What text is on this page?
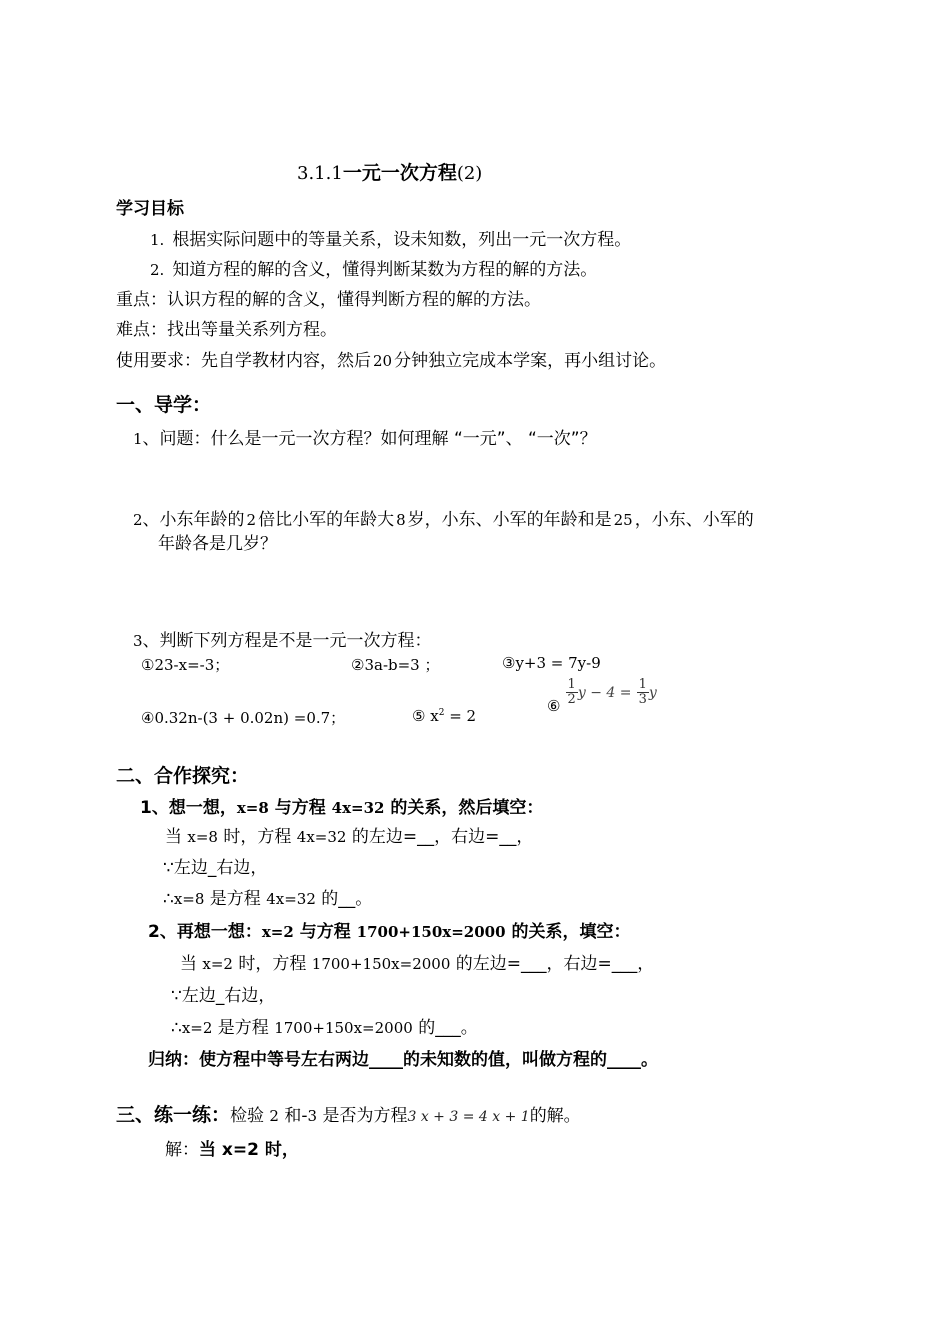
3.1.1一元一次方程(2)
学习目标
1. 根据实际问题中的等量关系，设未知数，列出一元一次方程。
2. 知道方程的解的含义，懂得判断某数为方程的解的方法。
重点：认识方程的解的含义，懂得判断方程的解的方法。
难点：找出等量关系列方程。
使用要求：先自学教材内容，然后 20 分钟独立完成本学案，再小组讨论。
一、导学：
1、问题：什么是一元一次方程？如何理解 “一元”、 “一次”？
2、小东年龄的 2 倍比小军的年龄大 8 岁，小东、小军的年龄和是 25 ，小东、小军的
年龄各是几岁？
3、判断下列方程是不是一元一次方程：
①23-x=-3；	②3a-b=3 ；	③y+3 = 7y-9
④0.32n-(3 + 0.02n) =0.7；	⑤ $x^2 = 2$
⑥ $\frac{1}{2}$ $y - 4 = \frac{1}{3}$ y
二、合作探究：
1、想一想，x=8 与方程 4x=32 的关系，然后填空：
当 x=8 时，方程 4x=32 的左边=__，右边=__，
∵左边_右边，
∴x=8 是方程 4x=32 的__。
2、再想一想：x=2 与方程 1700+150x=2000 的关系，填空：
当 x=2 时，方程 1700+150x=2000 的左边=___，右边=___，
∵左边_右边，
∴x=2 是方程 1700+150x=2000 的___。
归纳：使方程中等号左右两边____的未知数的值，叫做方程的____。
三、练一练：检验 2 和-3 是否为方程3 x + 3 = 4 x + 1的解。
解：当 x=2 时，
